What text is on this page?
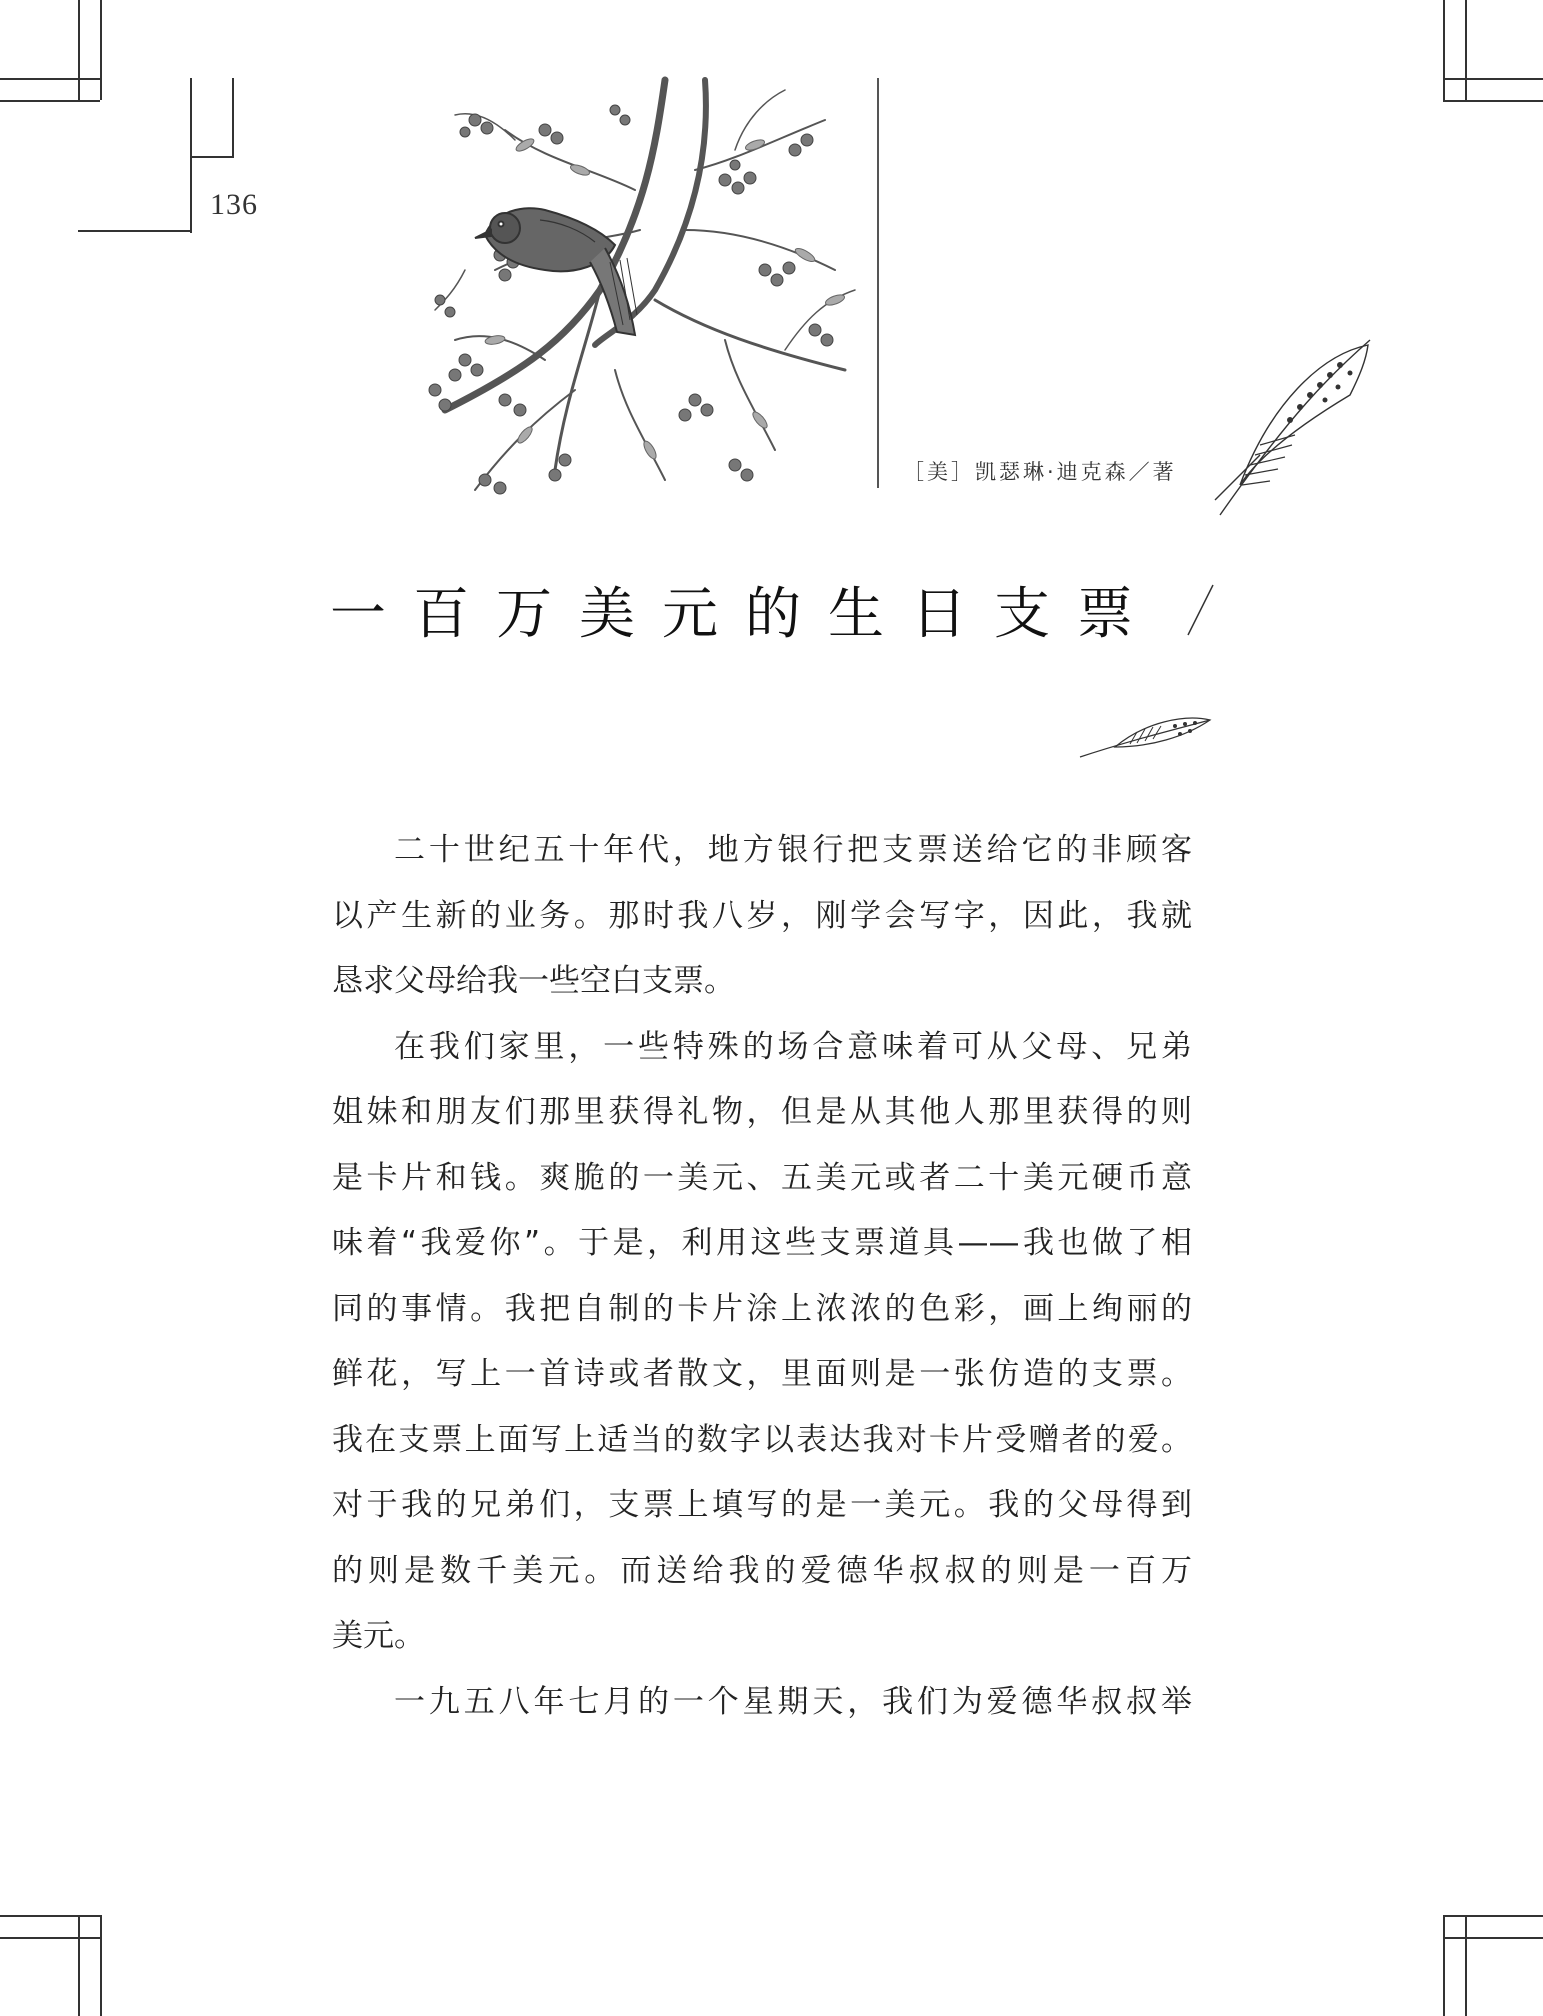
136
［美］凯瑟琳·迪克森／著
一百万美元的生日支票

二十世纪五十年代，地方银行把支票送给它的非顾客
以产生新的业务。那时我八岁，刚学会写字，因此，我就
恳求父母给我一些空白支票。

在我们家里，一些特殊的场合意味着可从父母、兄弟
姐妹和朋友们那里获得礼物，但是从其他人那里获得的则
是卡片和钱。爽脆的一美元、五美元或者二十美元硬币意
味着“我爱你”。于是，利用这些支票道具——我也做了相
同的事情。我把自制的卡片涂上浓浓的色彩，画上绚丽的
鲜花，写上一首诗或者散文，里面则是一张仿造的支票。
我在支票上面写上适当的数字以表达我对卡片受赠者的爱。
对于我的兄弟们，支票上填写的是一美元。我的父母得到
的则是数千美元。而送给我的爱德华叔叔的则是一百万
美元。

一九五八年七月的一个星期天，我们为爱德华叔叔举
